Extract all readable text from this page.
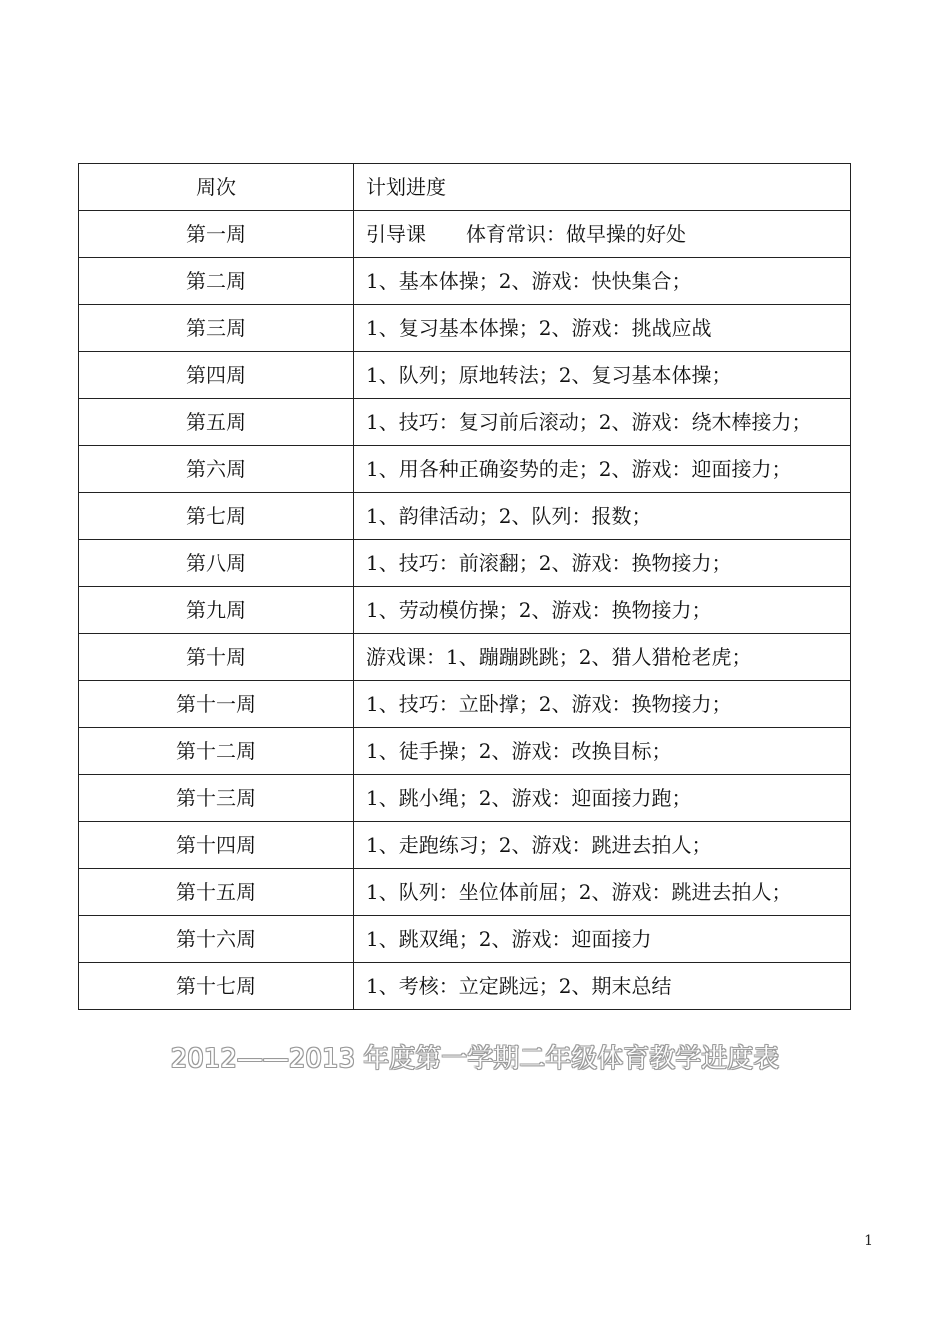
周次	计划进度
第一周	引导课　　体育常识：做早操的好处
第二周	1、基本体操；2、游戏：快快集合；
第三周	1、复习基本体操；2、游戏：挑战应战
第四周	1、队列；原地转法；2、复习基本体操；
第五周	1、技巧：复习前后滚动；2、游戏：绕木棒接力；
第六周	1、用各种正确姿势的走；2、游戏：迎面接力；
第七周	1、韵律活动；2、队列：报数；
第八周	1、技巧：前滚翻；2、游戏：换物接力；
第九周	1、劳动模仿操；2、游戏：换物接力；
第十周	游戏课：1、蹦蹦跳跳；2、猎人猎枪老虎；
第十一周	1、技巧：立卧撑；2、游戏：换物接力；
第十二周	1、徒手操；2、游戏：改换目标；
第十三周	1、跳小绳；2、游戏：迎面接力跑；
第十四周	1、走跑练习；2、游戏：跳进去拍人；
第十五周	1、队列：坐位体前屈；2、游戏：跳进去拍人；
第十六周	1、跳双绳；2、游戏：迎面接力
第十七周	1、考核：立定跳远；2、期末总结
2012——2013 年度第一学期二年级体育教学进度表
1
